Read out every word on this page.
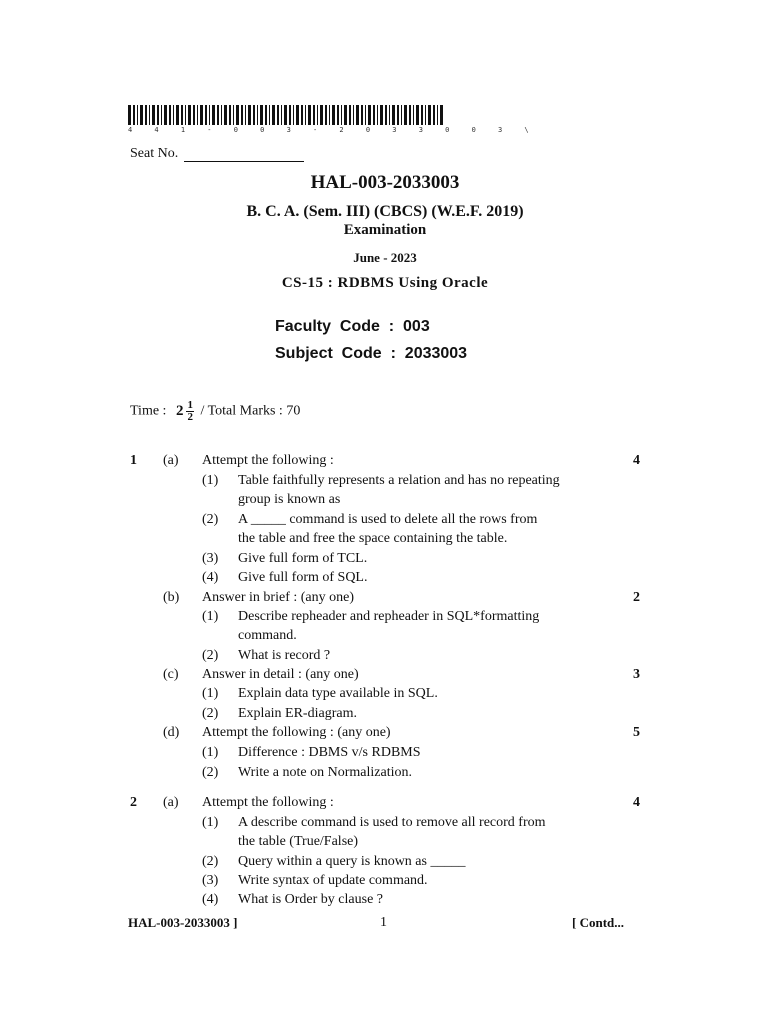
4 4 1 - 0 0 3 - 2 0 3 3 0 0 3 \
Seat No.
HAL-003-2033003
B. C. A. (Sem. III) (CBCS) (W.E.F. 2019)
Examination
June - 2023
CS-15 : RDBMS Using Oracle
Faculty  Code  :  003
Subject  Code  :  2033003
Time : $2 \frac{1}{2}$ / Total Marks : 70
1 (a) Attempt the following :
(1) Table faithfully represents a relation and has no repeating
group is known as
(2) A _____ command is used to delete all the rows from
the table and free the space containing the table.
(3) Give full form of TCL.
(4) Give full form of SQL.
(b) Answer in brief : (any one)
(1) Describe repheader and repheader in SQL*formatting
command.
(2) What is record ?
(c) Answer in detail : (any one)
(1) Explain data type available in SQL.
(2) Explain ER-diagram.
(d) Attempt the following : (any one)
(1) Difference : DBMS v/s RDBMS
(2) Write a note on Normalization.
2 (a) Attempt the following :
(1) A describe command is used to remove all record from
the table (True/False)
(2) Query within a query is known as _____
(3) Write syntax of update command.
(4) What is Order by clause ?
4
2
3
5
4
HAL-003-2033003 ]	1	[ Contd...
